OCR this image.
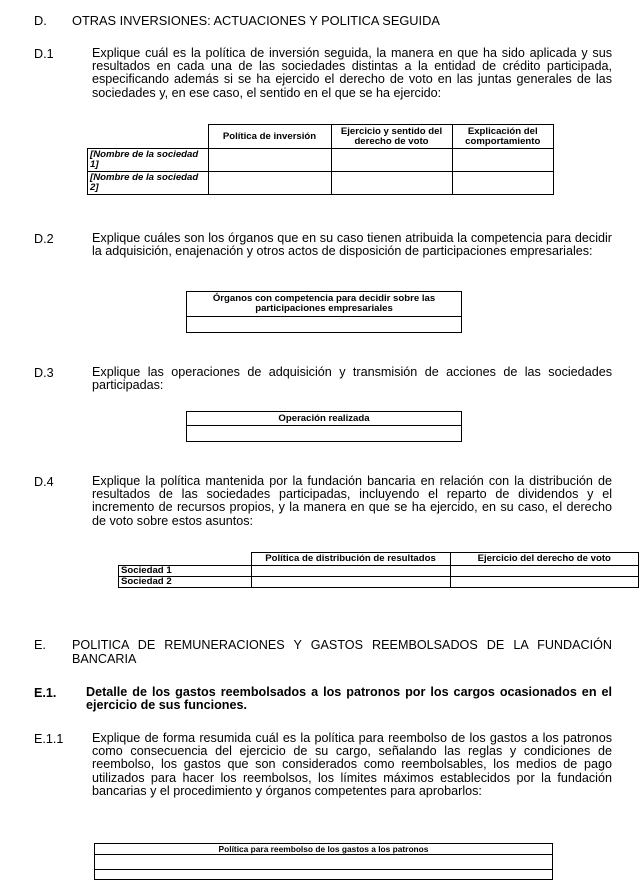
D. OTRAS INVERSIONES: ACTUACIONES Y POLITICA SEGUIDA
D.1	Explique cuál es la política de inversión seguida, la manera en que ha sido aplicada y sus resultados en cada una de las sociedades distintas a la entidad de crédito participada, especificando además si se ha ejercido el derecho de voto en las juntas generales de las sociedades y, en ese caso, el sentido en el que se ha ejercido:
	Política de inversión	Ejercicio y sentido del derecho de voto	Explicación del comportamiento
[Nombre de la sociedad 1]			
[Nombre de la sociedad 2]			
D.2	Explique cuáles son los órganos que en su caso tienen atribuida la competencia para decidir la adquisición, enajenación y otros actos de disposición de participaciones empresariales:
Órganos con competencia para decidir sobre las participaciones empresariales

D.3	Explique las operaciones de adquisición y transmisión de acciones de las sociedades participadas:
Operación realizada

D.4	Explique la política mantenida por la fundación bancaria en relación con la distribución de resultados de las sociedades participadas, incluyendo el reparto de dividendos y el incremento de recursos propios, y la manera en que se ha ejercido, en su caso, el derecho de voto sobre estos asuntos:
	Política de distribución de resultados	Ejercicio del derecho de voto
Sociedad 1		
Sociedad 2		
E.	POLITICA DE REMUNERACIONES Y GASTOS REEMBOLSADOS DE LA FUNDACIÓN BANCARIA
E.1.	Detalle de los gastos reembolsados a los patronos por los cargos ocasionados en el ejercicio de sus funciones.
E.1.1	Explique de forma resumida cuál es la política para reembolso de los gastos a los patronos como consecuencia del ejercicio de su cargo, señalando las reglas y condiciones de reembolso, los gastos que son considerados como reembolsables, los medios de pago utilizados para hacer los reembolsos, los límites máximos establecidos por la fundación bancarias y el procedimiento y órganos competentes para aprobarlos:
Política para reembolso de los gastos a los patronos
